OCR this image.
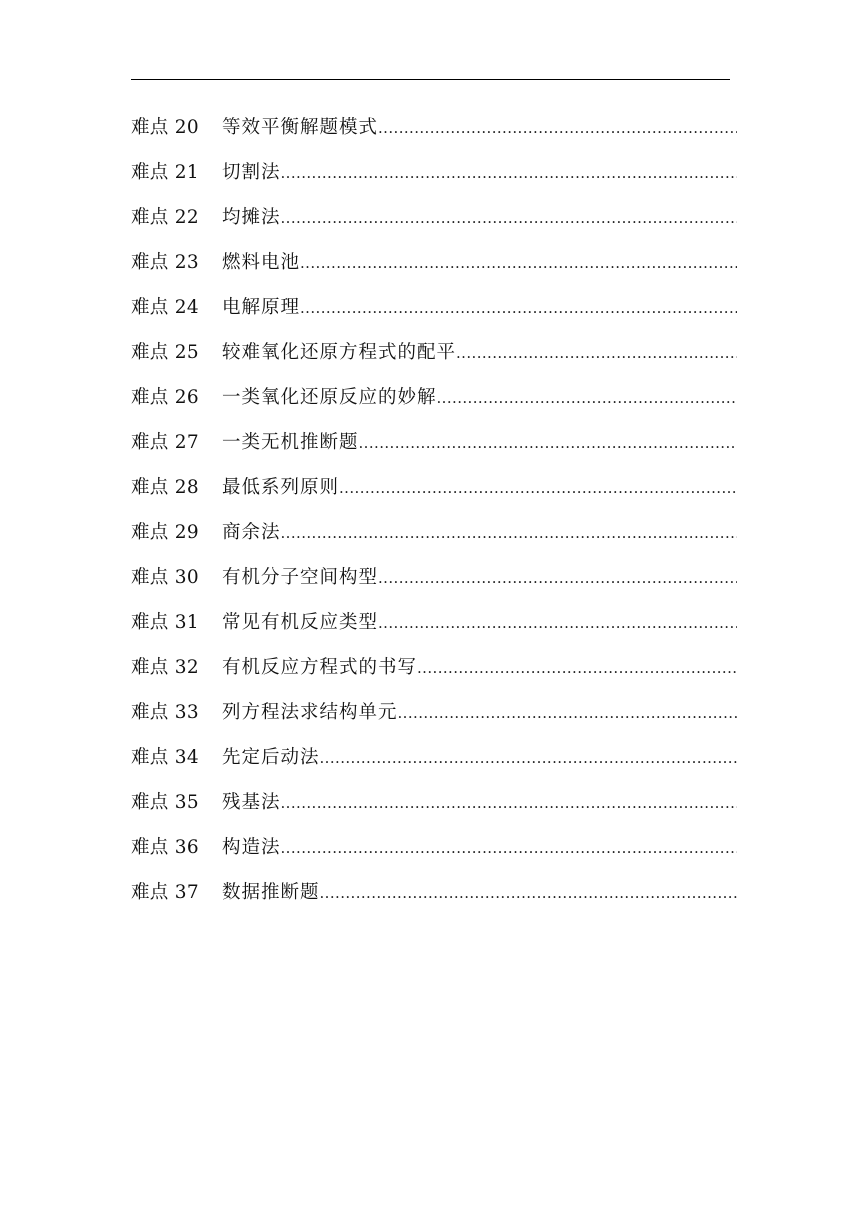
难点 20	等效平衡解题模式
.....
难点 21	切割法
.....
难点 22	均摊法
.....
难点 23	燃料电池
.....
难点 24	电解原理
.....
难点 25	较难氧化还原方程式的配平
.....
难点 26	一类氧化还原反应的妙解
.....
难点 27	一类无机推断题
.....
难点 28	最低系列原则
.....
难点 29	商余法
.....
难点 30	有机分子空间构型
.....
难点 31	常见有机反应类型
.....
难点 32	有机反应方程式的书写
.....
难点 33	列方程法求结构单元
.....
难点 34	先定后动法
.....
难点 35	残基法
.....
难点 36	构造法
.....
难点 37	数据推断题
.....
